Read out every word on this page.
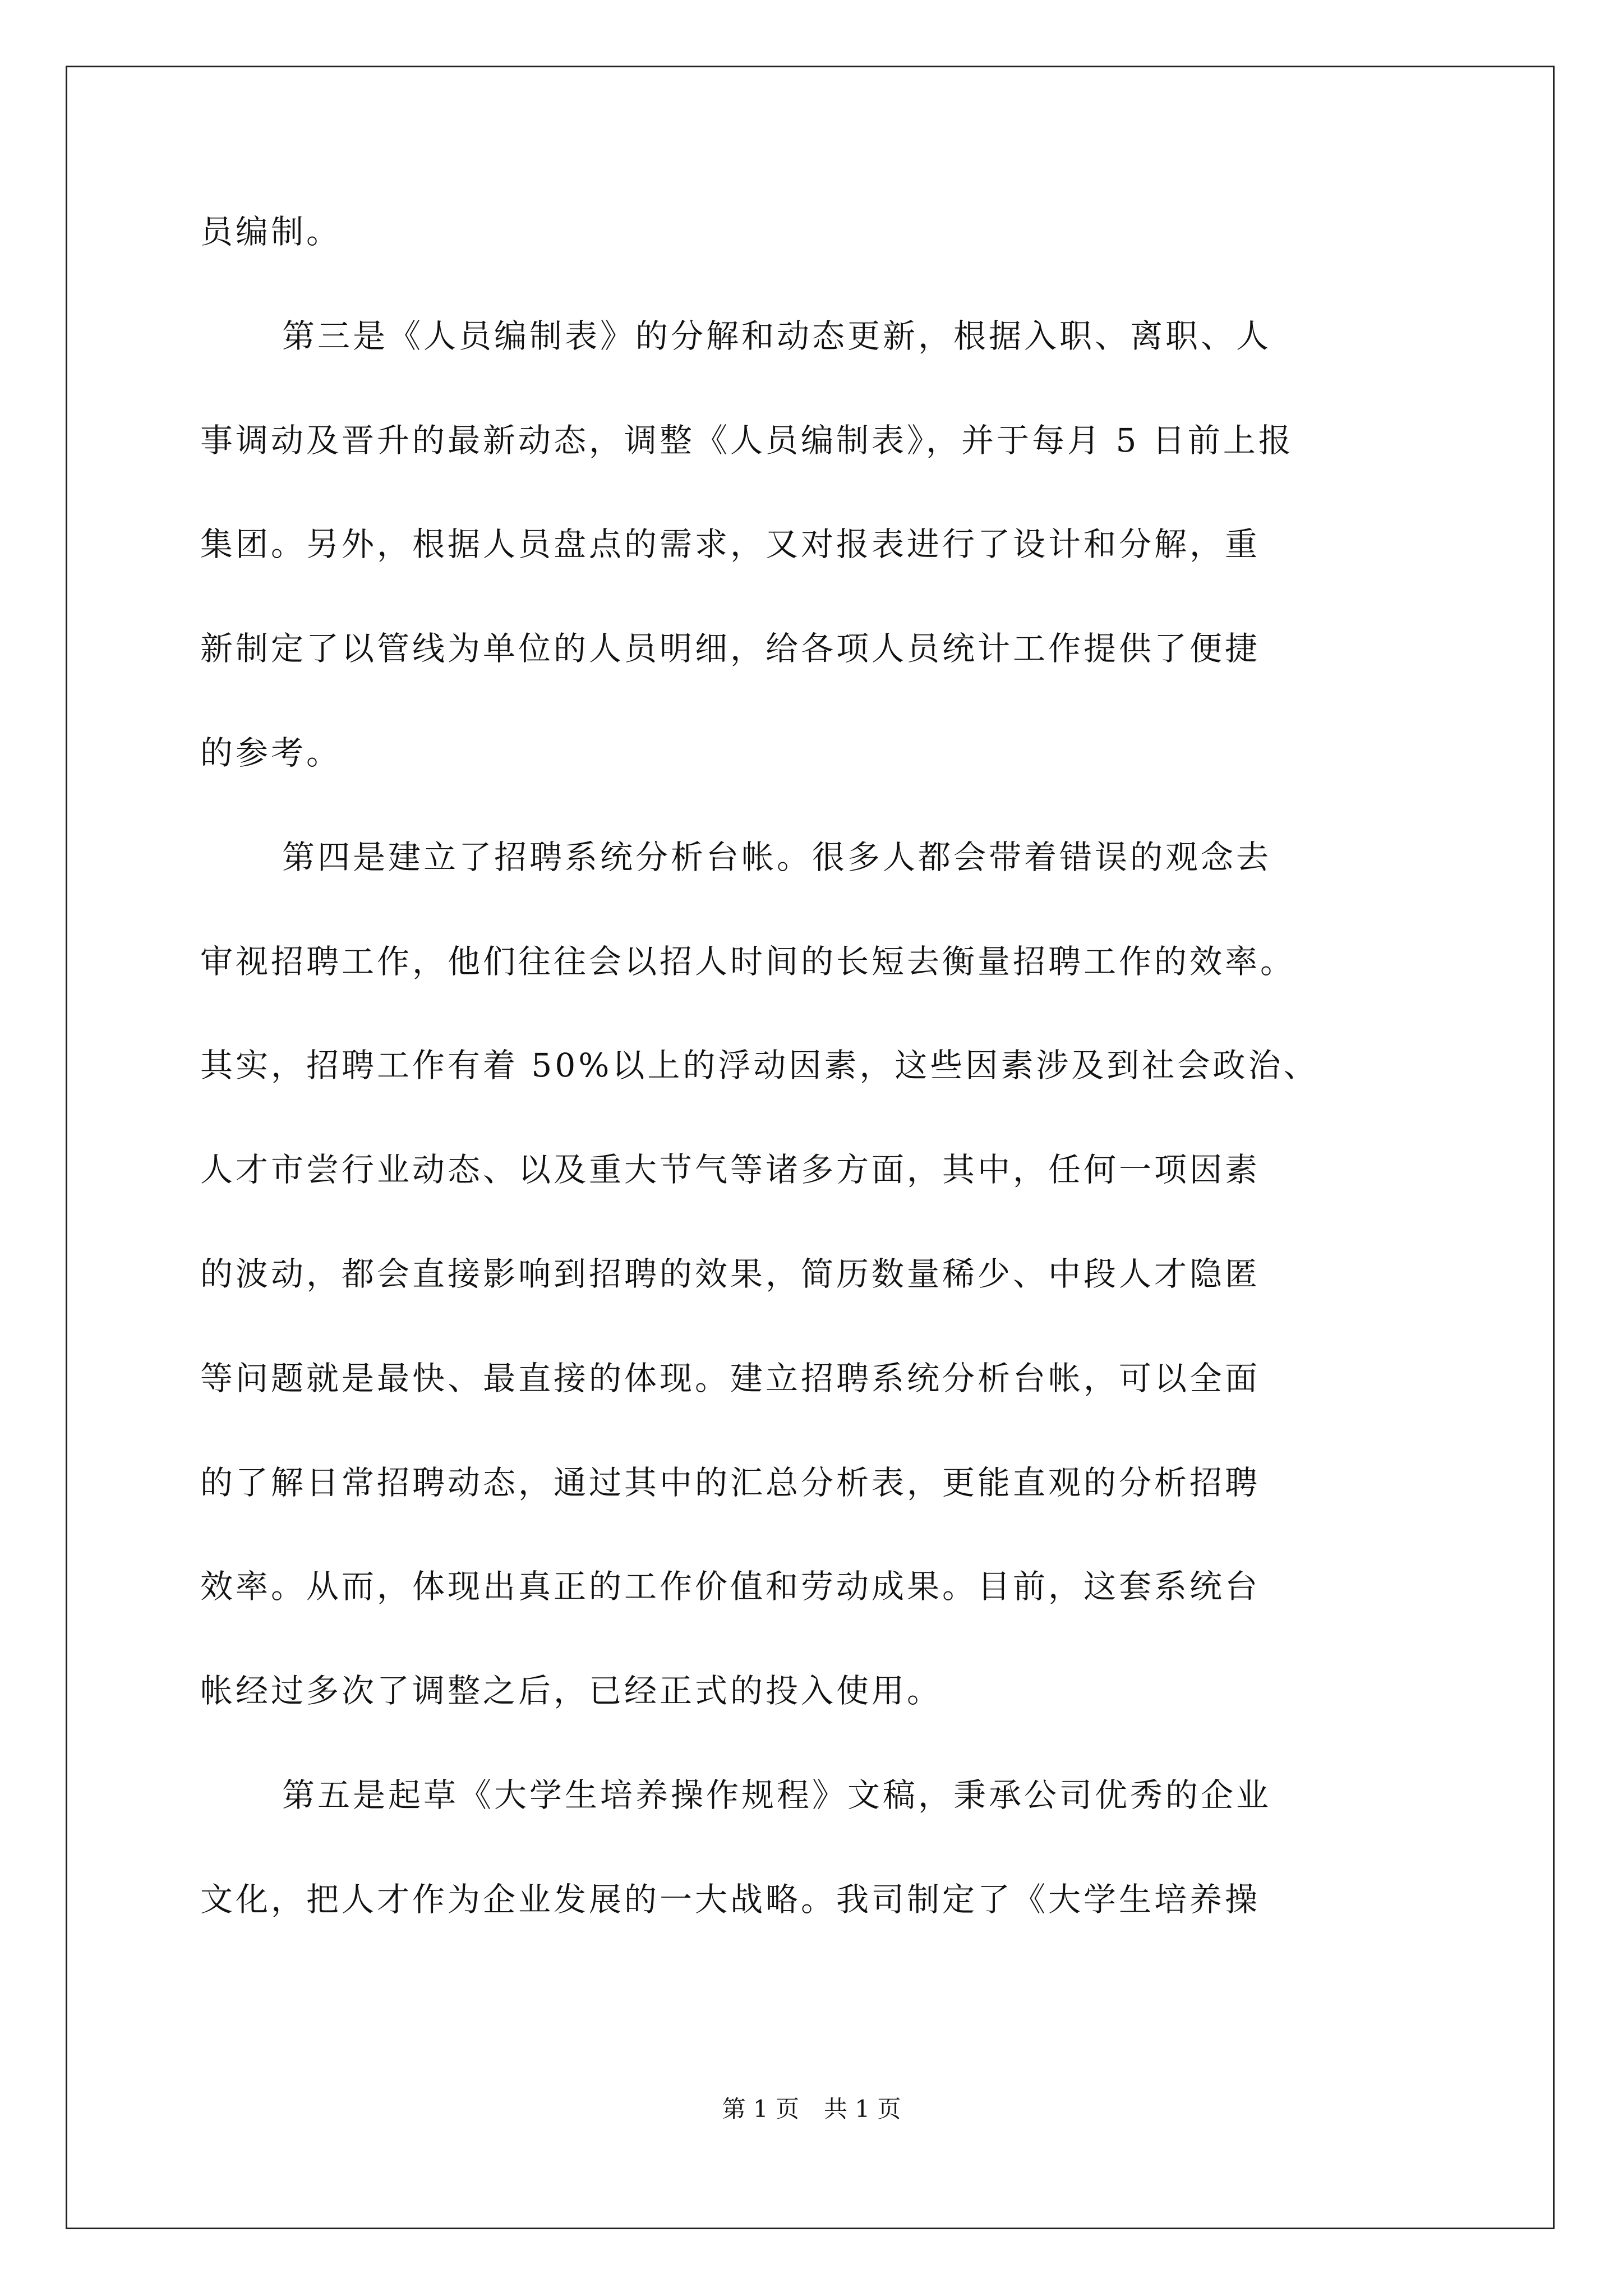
员编制。
第三是《人员编制表》的分解和动态更新，根据入职、离职、人
事调动及晋升的最新动态，调整《人员编制表》，并于每月 5 日前上报
集团。另外，根据人员盘点的需求，又对报表进行了设计和分解，重
新制定了以管线为单位的人员明细，给各项人员统计工作提供了便捷
的参考。
第四是建立了招聘系统分析台帐。很多人都会带着错误的观念去
审视招聘工作，他们往往会以招人时间的长短去衡量招聘工作的效率。
其实，招聘工作有着 50%以上的浮动因素，这些因素涉及到社会政治、
人才市尝行业动态、以及重大节气等诸多方面，其中，任何一项因素
的波动，都会直接影响到招聘的效果，简历数量稀少、中段人才隐匿
等问题就是最快、最直接的体现。建立招聘系统分析台帐，可以全面
的了解日常招聘动态，通过其中的汇总分析表，更能直观的分析招聘
效率。从而，体现出真正的工作价值和劳动成果。目前，这套系统台
帐经过多次了调整之后，已经正式的投入使用。
第五是起草《大学生培养操作规程》文稿，秉承公司优秀的企业
文化，把人才作为企业发展的一大战略。我司制定了《大学生培养操
第 1 页 共 1 页
